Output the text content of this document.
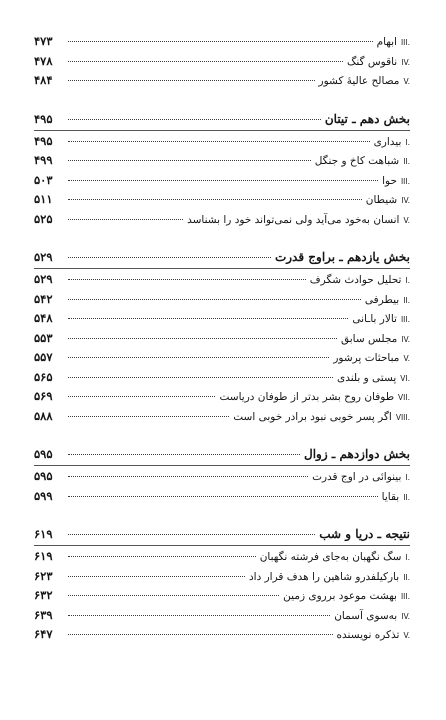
III.
ابهام
۴۷۳
IV.
ناقوس گنگ
۴۷۸
V.
مصالح عالیهٔ کشور
۴۸۴
بخش دهم ـ تیتان
۴۹۵
I.
بیداری
۴۹۵
II.
شباهت کاخ و جنگل
۴۹۹
III.
حوا
۵۰۳
IV.
شیطان
۵۱۱
V.
انسان به‌خود می‌آید ولی نمی‌تواند خود را بشناسد
۵۲۵
بخش یازدهم ـ براوج قدرت
۵۲۹
I.
تحلیل حوادث شگرف
۵۲۹
II.
بیطرفی
۵۴۲
III.
تالار باـانی
۵۴۸
IV.
مجلس سابق
۵۵۳
V.
مباحثات پرشور
۵۵۷
VI.
پستی و بلندی
۵۶۵
VII.
طوفان روح بشر بدتر از طوفان دریاست
۵۶۹
VIII.
اگر پسر خوبی نبود برادر خوبی است
۵۸۸
بخش دوازدهم ـ زوال
۵۹۵
I.
بینوائی در اوج قدرت
۵۹۵
II.
بقایا
۵۹۹
نتیجه ـ دریا و شب
۶۱۹
I.
سگ نگهبان به‌جای فرشته نگهبان
۶۱۹
II.
بارکیلفدرو شاهین را هدف قرار داد
۶۲۳
III.
بهشت موعود برروی زمین
۶۳۲
IV.
به‌سوی آسمان
۶۳۹
V.
تذکره نویسنده
۶۴۷
